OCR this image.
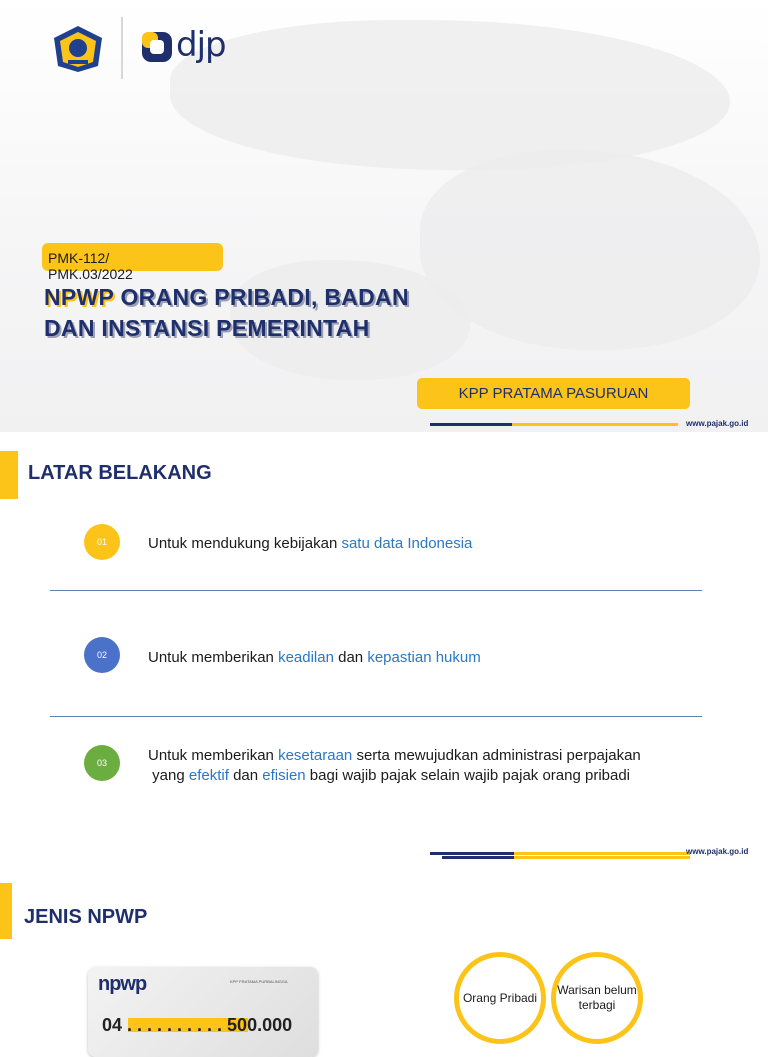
djp
PMK-112/ PMK.03/2022
NPWP ORANG PRIBADI, BADAN
DAN INSTANSI PEMERINTAH
KPP PRATAMA PASURUAN
www.pajak.go.id
LATAR BELAKANG
01	Untuk mendukung kebijakan satu data Indonesia
02	Untuk memberikan keadilan dan kepastian hukum
03	Untuk memberikan kesetaraan serta mewujudkan administrasi perpajakan
yang efektif dan efisien bagi wajib pajak selain wajib pajak orang pribadi
www.pajak.go.id
JENIS NPWP
npwp	KPP PRATAMA PURBALINGGA
04 . . . . . . . . . . 500.000
Orang Pribadi
Warisan belum terbagi
